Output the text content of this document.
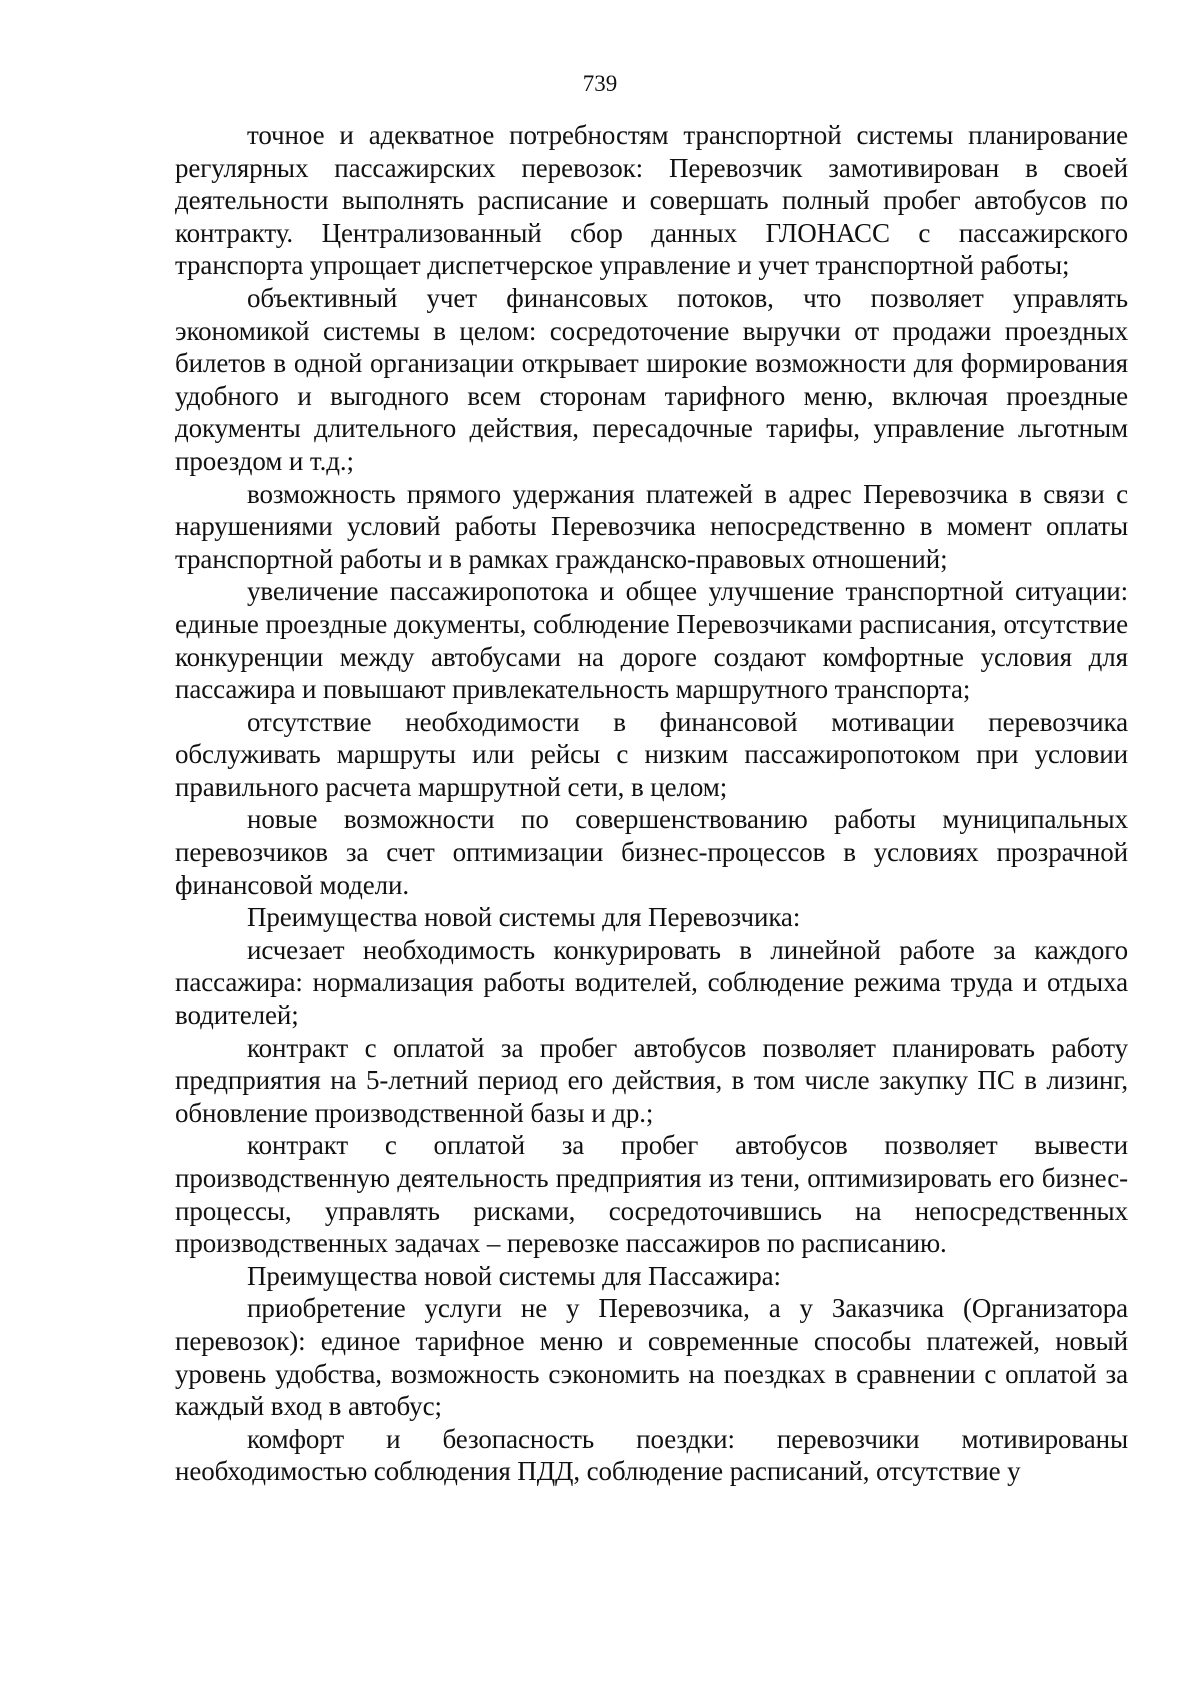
739

точное и адекватное потребностям транспортной системы планирование регулярных пассажирских перевозок: Перевозчик замотивирован в своей деятельности выполнять расписание и совершать полный пробег автобусов по контракту. Централизованный сбор данных ГЛОНАСС с пассажирского транспорта упрощает диспетчерское управление и учет транспортной работы;

объективный учет финансовых потоков, что позволяет управлять экономикой системы в целом: сосредоточение выручки от продажи проездных билетов в одной организации открывает широкие возможности для формирования удобного и выгодного всем сторонам тарифного меню, включая проездные документы длительного действия, пересадочные тарифы, управление льготным проездом и т.д.;

возможность прямого удержания платежей в адрес Перевозчика в связи с нарушениями условий работы Перевозчика непосредственно в момент оплаты транспортной работы и в рамках гражданско-правовых отношений;

увеличение пассажиропотока и общее улучшение транспортной ситуации: единые проездные документы, соблюдение Перевозчиками расписания, отсутствие конкуренции между автобусами на дороге создают комфортные условия для пассажира и повышают привлекательность маршрутного транспорта;

отсутствие необходимости в финансовой мотивации перевозчика обслуживать маршруты или рейсы с низким пассажиропотоком при условии правильного расчета маршрутной сети, в целом;

новые возможности по совершенствованию работы муниципальных перевозчиков за счет оптимизации бизнес-процессов в условиях прозрачной финансовой модели.

Преимущества новой системы для Перевозчика:

исчезает необходимость конкурировать в линейной работе за каждого пассажира: нормализация работы водителей, соблюдение режима труда и отдыха водителей;

контракт с оплатой за пробег автобусов позволяет планировать работу предприятия на 5-летний период его действия, в том числе закупку ПС в лизинг, обновление производственной базы и др.;

контракт с оплатой за пробег автобусов позволяет вывести производственную деятельность предприятия из тени, оптимизировать его бизнес-процессы, управлять рисками, сосредоточившись на непосредственных производственных задачах – перевозке пассажиров по расписанию.

Преимущества новой системы для Пассажира:

приобретение услуги не у Перевозчика, а у Заказчика (Организатора перевозок): единое тарифное меню и современные способы платежей, новый уровень удобства, возможность сэкономить на поездках в сравнении с оплатой за каждый вход в автобус;

комфорт и безопасность поездки: перевозчики мотивированы необходимостью соблюдения ПДД, соблюдение расписаний, отсутствие у
